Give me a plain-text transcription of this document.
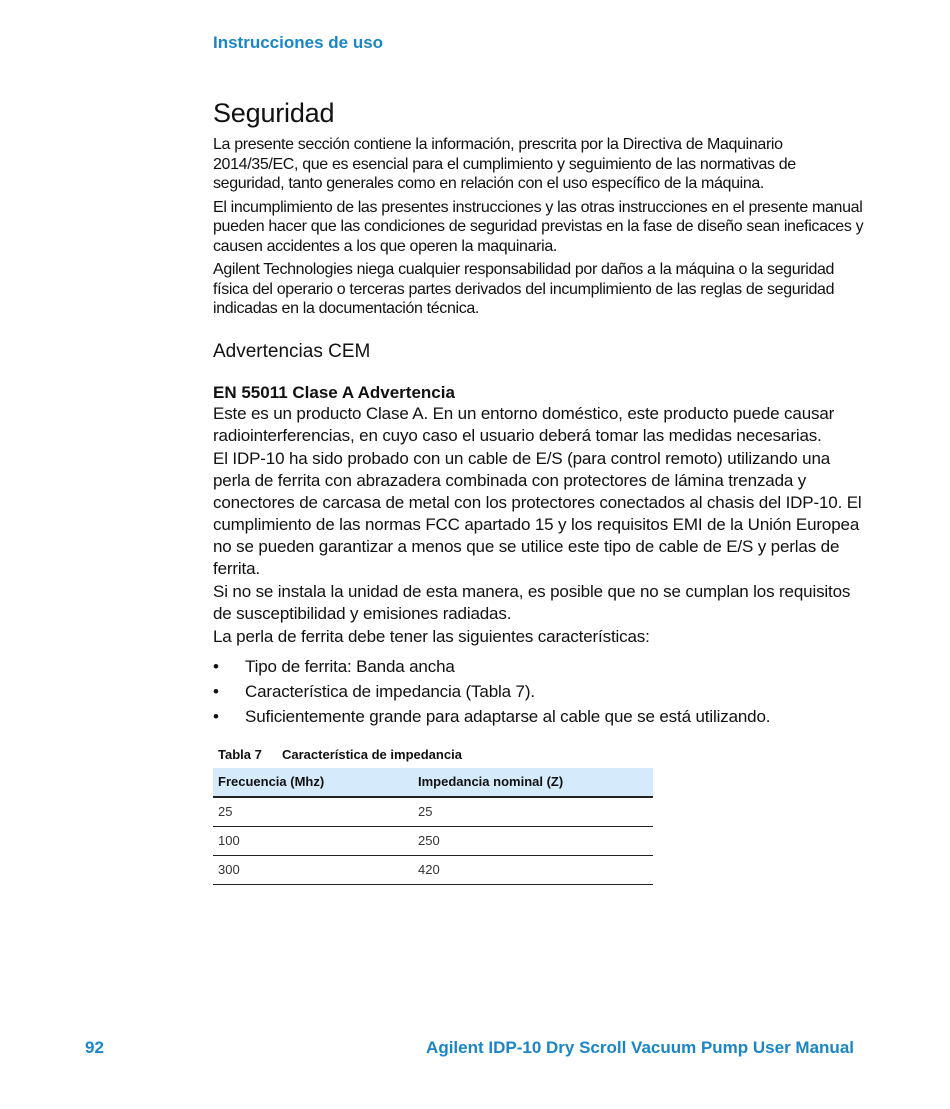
Instrucciones de uso
Seguridad

La presente sección contiene la información, prescrita por la Directiva de Maquinario 2014/35/EC, que es esencial para el cumplimiento y seguimiento de las normativas de seguridad, tanto generales como en relación con el uso específico de la máquina.

El incumplimiento de las presentes instrucciones y las otras instrucciones en el presente manual pueden hacer que las condiciones de seguridad previstas en la fase de diseño sean ineficaces y causen accidentes a los que operen la maquinaria.

Agilent Technologies niega cualquier responsabilidad por daños a la máquina o la seguridad física del operario o terceras partes derivados del incumplimiento de las reglas de seguridad indicadas en la documentación técnica.

Advertencias CEM
EN 55011 Clase A Advertencia

Este es un producto Clase A. En un entorno doméstico, este producto puede causar radiointerferencias, en cuyo caso el usuario deberá tomar las medidas necesarias.

El IDP-10 ha sido probado con un cable de E/S (para control remoto) utilizando una perla de ferrita con abrazadera combinada con protectores de lámina trenzada y conectores de carcasa de metal con los protectores conectados al chasis del IDP-10. El cumplimiento de las normas FCC apartado 15 y los requisitos EMI de la Unión Europea no se pueden garantizar a menos que se utilice este tipo de cable de E/S y perlas de ferrita.

Si no se instala la unidad de esta manera, es posible que no se cumplan los requisitos de susceptibilidad y emisiones radiadas.

La perla de ferrita debe tener las siguientes características:

• Tipo de ferrita: Banda ancha
• Característica de impedancia (Tabla 7).
• Suficientemente grande para adaptarse al cable que se está utilizando.
Tabla 7 Característica de impedancia
Frecuencia (Mhz)	Impedancia nominal (Z)
25	25
100	250
300	420
92	Agilent IDP-10 Dry Scroll Vacuum Pump User Manual
